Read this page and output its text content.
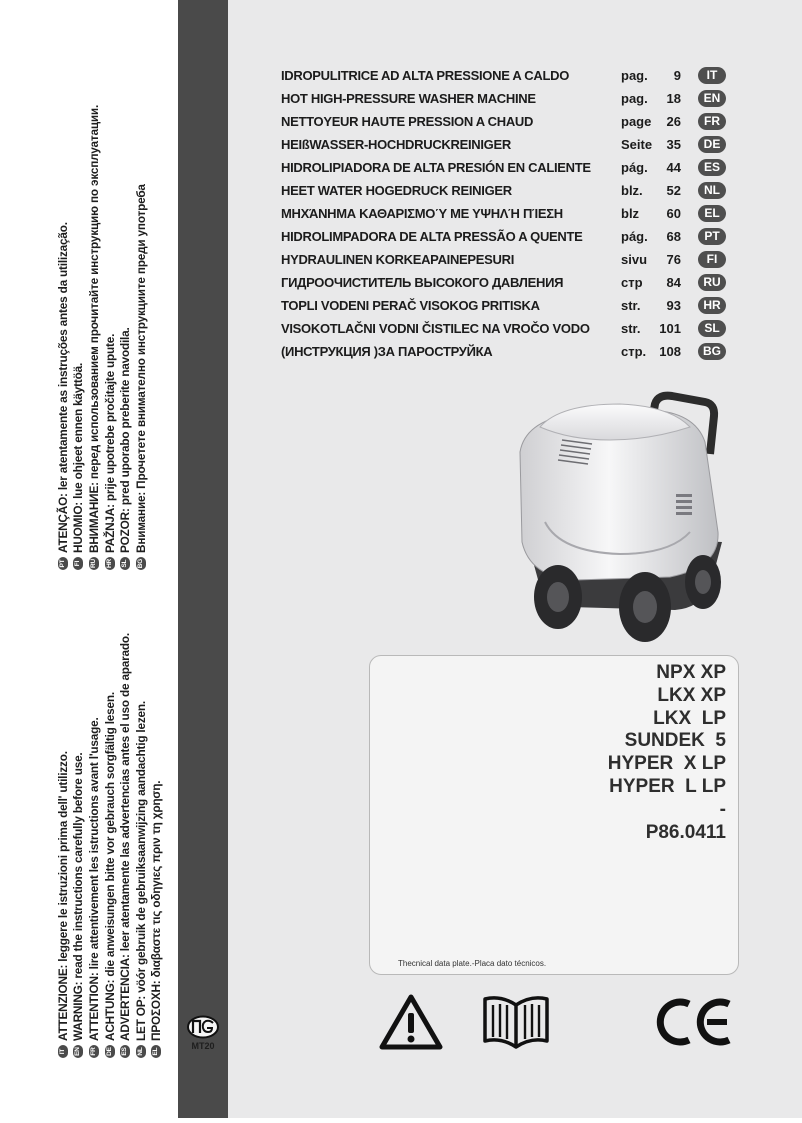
IT
ATTENZIONE: leggere le istruzioni prima dell' utilizzo.
EN
WARNING: read the instructions carefully before use.
FR
ATTENTION: lire attentivement les istructions avant l'usage.
DE
ACHTUNG: die anweisungen bitte vor gebrauch sorgfältig lesen.
ES
ADVERTENCIA: leer atentamente las advertencias antes el uso de aparado.
NL
LET OP: vöór gebruik de gebruiksaanwijzing aandachtig lezen.
EL
ΠΡΟΣΟΧΗ: διαβαστε τις οδηγιες πριν τη χρηση.
PT
ATENÇÃO: ler atentamente as instruções antes da utilização.
FI
HUOMIO: lue ohjeet ennen käyttöä.
RU
ВНИМАНИЕ: перед использованием прочитайте инструкцию по эксплуатации.
HR
PAŽNJA: prije upotrebe pročitajte upute.
SL
POZOR: pred uporabo preberite navodila.
BG
Внимание: Прочетете внимателно инструкциите преди употреба
MT20
IDROPULITRICE AD ALTA PRESSIONE A CALDO	pag.	9	IT
HOT HIGH-PRESSURE WASHER MACHINE	pag.	18	EN
NETTOYEUR HAUTE PRESSION A CHAUD	page	26	FR
HEIßWASSER-HOCHDRUCKREINIGER	Seite	35	DE
HIDROLIPIADORA DE ALTA PRESIÓN EN CALIENTE pág.	44	ES
HEET WATER HOGEDRUCK REINIGER	blz.	52	NL
ΜΗΧΆΝΗΜΑ ΚΑΘΑΡΙΣΜΟΎ ΜΕ ΥΨΗΛΉ ΠΊΕΣΗ	blz	60	EL
HIDROLIMPADORA DE ALTA PRESSÃO A QUENTE	pág.	68	PT
HYDRAULINEN KORKEAPAINEPESURI	sivu	76	FI
ГИДРООЧИСТИТЕЛЬ ВЫСОКОГО ДАВЛЕНИЯ	стр	84	RU
TOPLI VODENI PERAČ VISOKOG PRITISKA	str.	93	HR
VISOKOTLAČNI VODNI ČISTILEC NA VROČO VODO str.	101	SL
(ИНСТРУКЦИЯ )ЗА ПАРОСТРУЙКА	стр.	108	BG
NPX XP
LKX XP
LKX  LP
SUNDEK  5
HYPER  X LP
HYPER  L LP
-
P86.0411
Thecnical data plate.-Placa dato técnicos.
